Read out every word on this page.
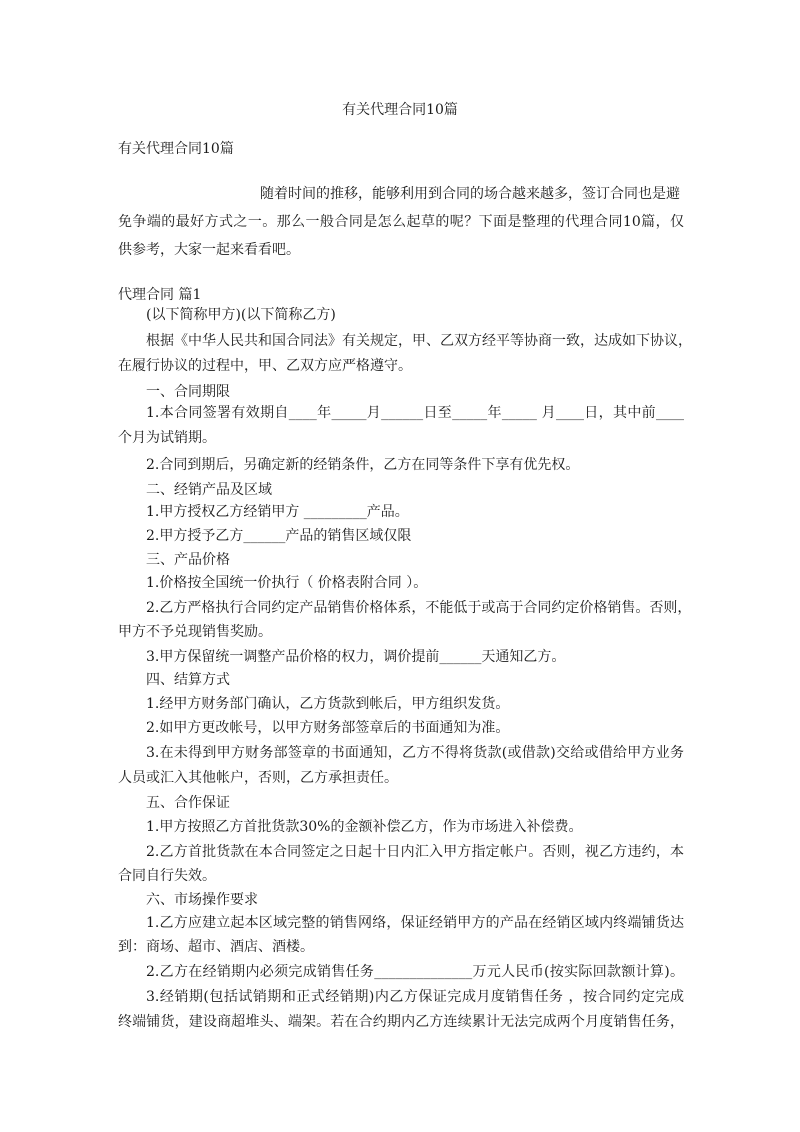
有关代理合同10篇
有关代理合同10篇
随着时间的推移，能够利用到合同的场合越来越多，签订合同也是避
免争端的最好方式之一。那么一般合同是怎么起草的呢？下面是整理的代理合同10篇，仅
供参考，大家一起来看看吧。
代理合同 篇1
(以下简称甲方)(以下简称乙方)
根据《中华人民共和国合同法》有关规定，甲、乙双方经平等协商一致，达成如下协议，
在履行协议的过程中，甲、乙双方应严格遵守。
一、合同期限
1.本合同签署有效期自____年_____月______日至_____年_____ 月____日，其中前____
个月为试销期。
2.合同到期后，另确定新的经销条件，乙方在同等条件下享有优先权。
二、经销产品及区域
1.甲方授权乙方经销甲方 _________产品。
2.甲方授予乙方______产品的销售区域仅限
三、产品价格
1.价格按全国统一价执行（ 价格表附合同 ）。
2.乙方严格执行合同约定产品销售价格体系，不能低于或高于合同约定价格销售。否则，
甲方不予兑现销售奖励。
3.甲方保留统一调整产品价格的权力，调价提前______天通知乙方。
四、结算方式
1.经甲方财务部门确认，乙方货款到帐后，甲方组织发货。
2.如甲方更改帐号，以甲方财务部签章后的书面通知为准。
3.在未得到甲方财务部签章的书面通知，乙方不得将货款(或借款)交给或借给甲方业务
人员或汇入其他帐户，否则，乙方承担责任。
五、合作保证
1.甲方按照乙方首批货款30%的金额补偿乙方，作为市场进入补偿费。
2.乙方首批货款在本合同签定之日起十日内汇入甲方指定帐户。否则，视乙方违约，本
合同自行失效。
六、市场操作要求
1.乙方应建立起本区域完整的销售网络，保证经销甲方的产品在经销区域内终端铺货达
到：商场、超市、酒店、酒楼。
2.乙方在经销期内必须完成销售任务______________万元人民币(按实际回款额计算)。
3.经销期(包括试销期和正式经销期)内乙方保证完成月度销售任务 ，按合同约定完成
终端铺货，建设商超堆头、端架。若在合约期内乙方连续累计无法完成两个月度销售任务，
